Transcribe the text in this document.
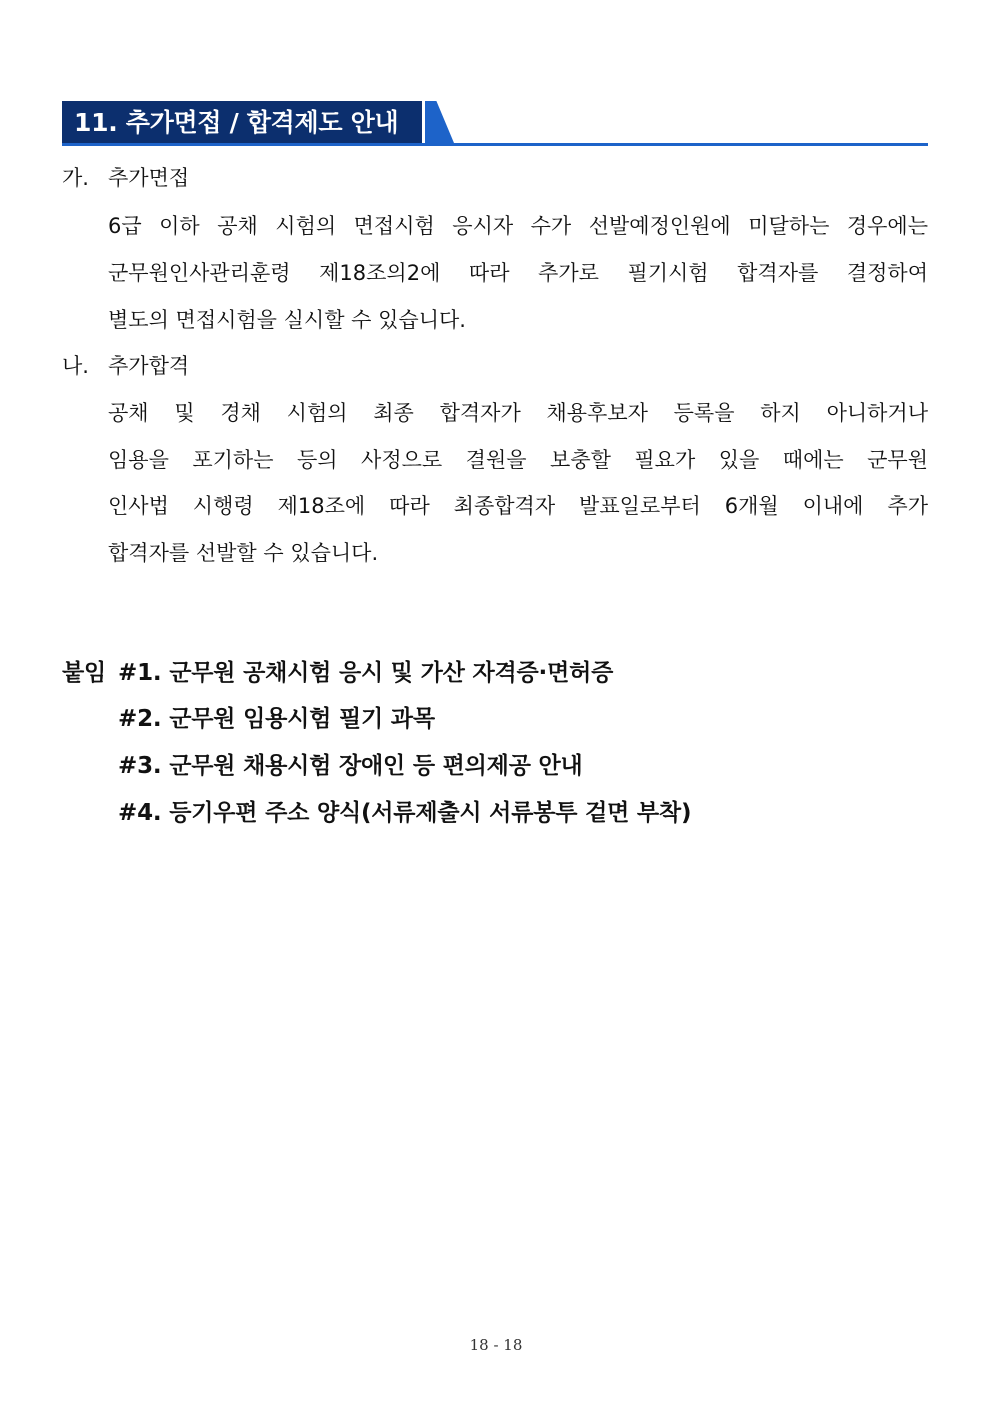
11. 추가면접 / 합격제도 안내
가. 추가면접
6급 이하 공채 시험의 면접시험 응시자 수가 선발예정인원에 미달하는 경우에는
군무원인사관리훈령 제18조의2에 따라 추가로 필기시험 합격자를 결정하여
별도의 면접시험을 실시할 수 있습니다.
나. 추가합격
공채 및 경채 시험의 최종 합격자가 채용후보자 등록을 하지 아니하거나
임용을 포기하는 등의 사정으로 결원을 보충할 필요가 있을 때에는 군무원
인사법 시행령 제18조에 따라 최종합격자 발표일로부터 6개월 이내에 추가
합격자를 선발할 수 있습니다.
붙임 #1. 군무원 공채시험 응시 및 가산 자격증·면허증
#2. 군무원 임용시험 필기 과목
#3. 군무원 채용시험 장애인 등 편의제공 안내
#4. 등기우편 주소 양식(서류제출시 서류봉투 겉면 부착)
18 - 18
